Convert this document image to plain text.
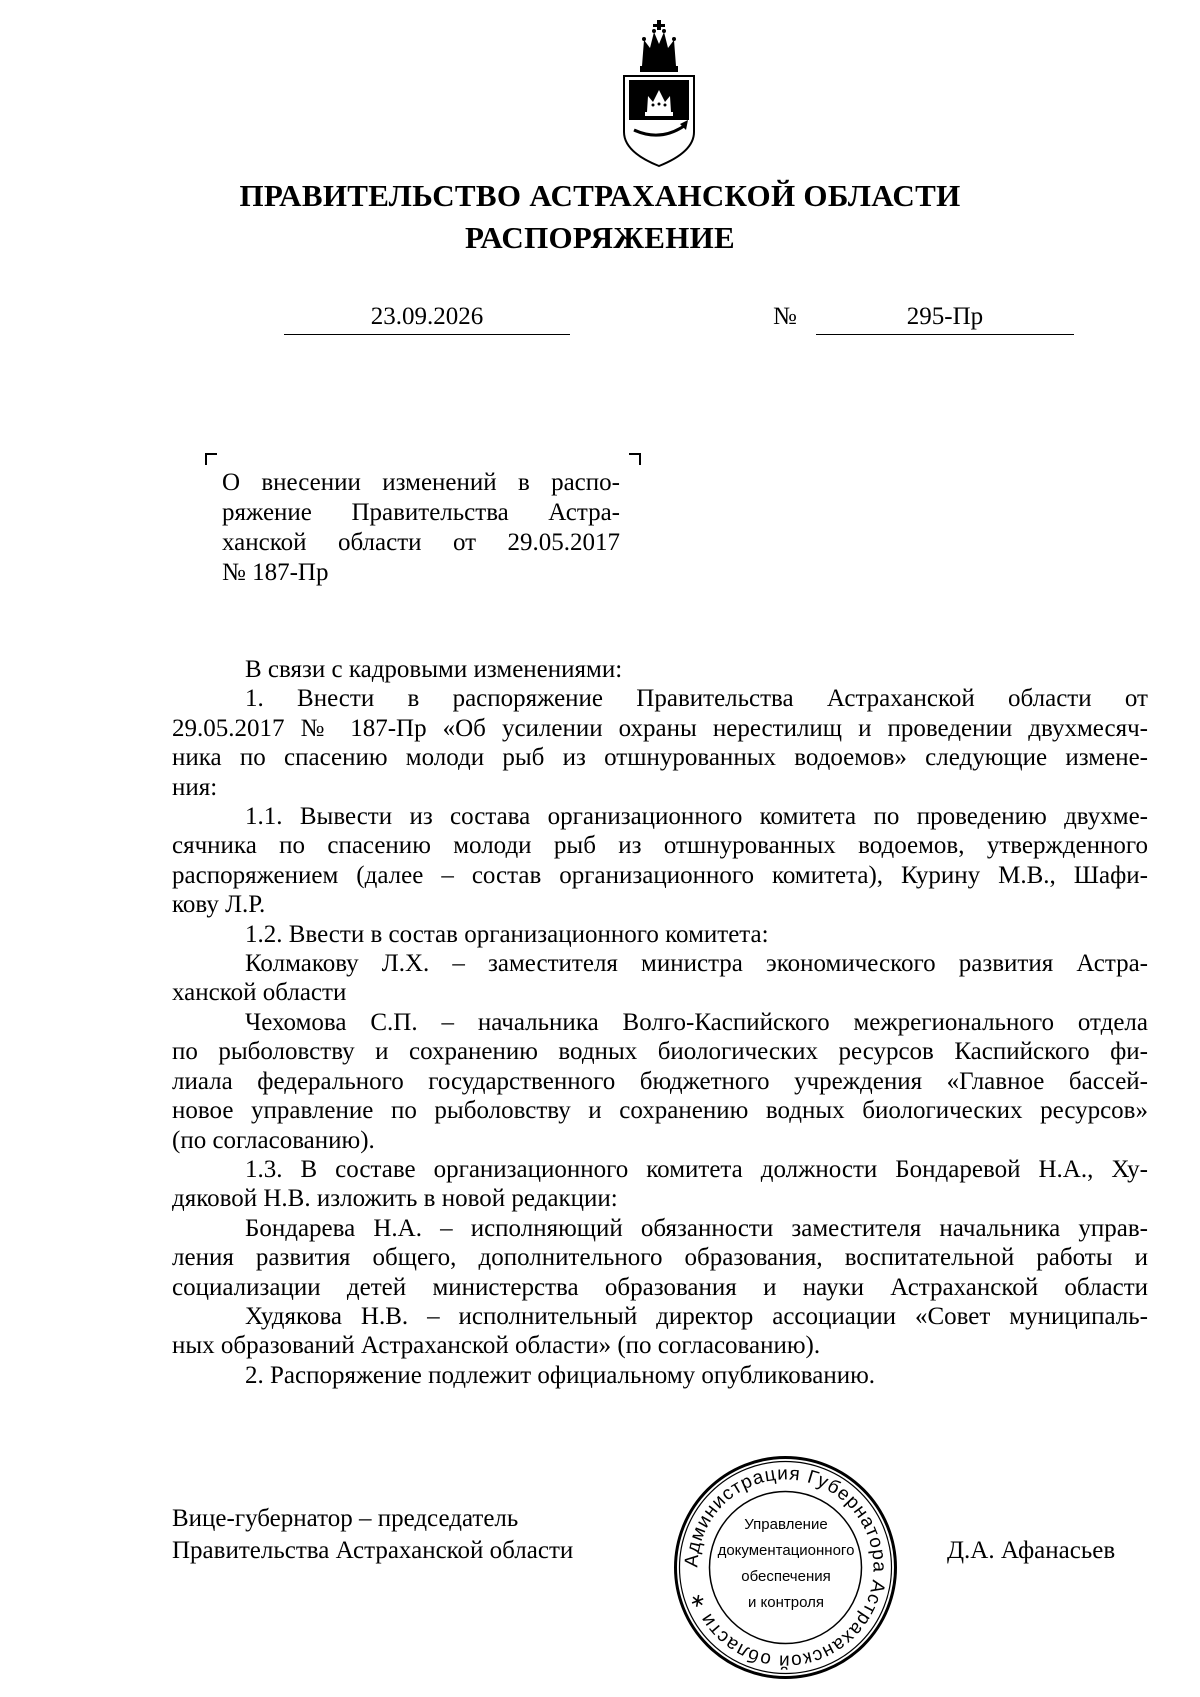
ПРАВИТЕЛЬСТВО АСТРАХАНСКОЙ ОБЛАСТИ
РАСПОРЯЖЕНИЕ
23.09.2026	№	295-Пр
О внесении изменений в распо-
ряжение Правительства Астра-
ханской области от 29.05.2017
№ 187-Пр
В связи с кадровыми изменениями:
1. Внести в распоряжение Правительства Астраханской области от
29.05.2017 № 187-Пр «Об усилении охраны нерестилищ и проведении двухмесяч-
ника по спасению молоди рыб из отшнурованных водоемов» следующие измене-
ния:
1.1. Вывести из состава организационного комитета по проведению двухме-
сячника по спасению молоди рыб из отшнурованных водоемов, утвержденного
распоряжением (далее – состав организационного комитета), Курину М.В., Шафи-
кову Л.Р.
1.2. Ввести в состав организационного комитета:
Колмакову Л.Х. – заместителя министра экономического развития Астра-
ханской области
Чехомова С.П. – начальника Волго-Каспийского межрегионального отдела
по рыболовству и сохранению водных биологических ресурсов Каспийского фи-
лиала федерального государственного бюджетного учреждения «Главное бассей-
новое управление по рыболовству и сохранению водных биологических ресурсов»
(по согласованию).
1.3. В составе организационного комитета должности Бондаревой Н.А., Ху-
дяковой Н.В. изложить в новой редакции:
Бондарева Н.А. – исполняющий обязанности заместителя начальника управ-
ления развития общего, дополнительного образования, воспитательной работы и
социализации детей министерства образования и науки Астраханской области
Худякова Н.В. – исполнительный директор ассоциации «Совет муниципаль-
ных образований Астраханской области» (по согласованию).
2. Распоряжение подлежит официальному опубликованию.
Вице-губернатор – председатель
Правительства Астраханской области	Администрация Губернатора Астраханской области ∗
Управление
документационного
обеспечения
и контроля
Д.А. Афанасьев
